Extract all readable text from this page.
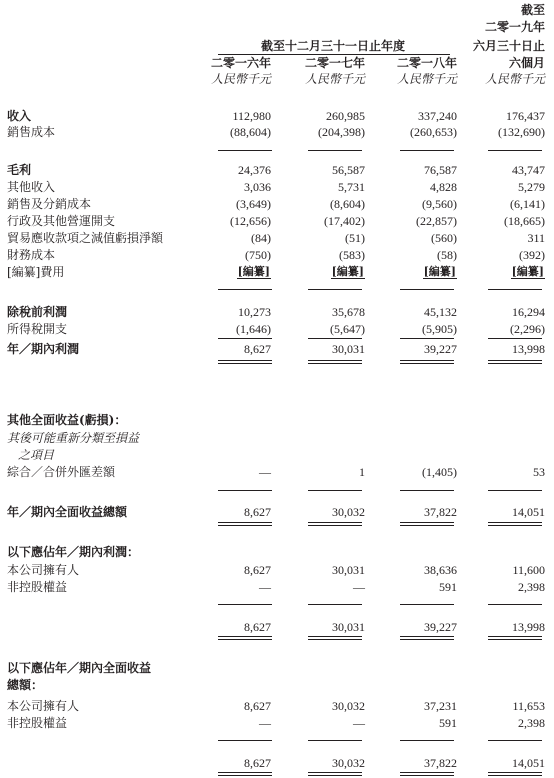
截至
二零一九年
截至十二月三十一日止年度	六月三十日止
二零一六年	二零一七年	二零一八年	六個月
人民幣千元	人民幣千元	人民幣千元 人民幣千元
收入	112,980	260,985	337,240	176,437
銷售成本	(88,604)	(204,398)	(260,653)	(132,690)
毛利	24,376	56,587	76,587	43,747
其他收入	3,036	5,731	4,828	5,279
銷售及分銷成本	(3,649)	(8,604)	(9,560)	(6,141)
行政及其他營運開支	(12,656)	(17,402)	(22,857)	(18,665)
貿易應收款項之減值虧損淨額	(84)	(51)	(560)	311
財務成本	(750)	(583)	(58)	(392)
[編纂]費用	[編纂]	[編纂]	[編纂]	[編纂]
除稅前利潤	10,273	35,678	45,132	16,294
所得稅開支	(1,646)	(5,647)	(5,905)	(2,296)
年／期內利潤	8,627	30,031	39,227	13,998
其他全面收益(虧損)：
其後可能重新分類至損益
之項目
綜合／合併外匯差額	—	1	(1,405)	53
年／期內全面收益總額	8,627	30,032	37,822	14,051
以下應佔年／期內利潤：
本公司擁有人	8,627	30,031	38,636	11,600
非控股權益	—	—	591	2,398
8,627	30,031	39,227	13,998
以下應佔年／期內全面收益
總額：
本公司擁有人	8,627	30,032	37,231	11,653
非控股權益	—	—	591	2,398
8,627	30,032	37,822	14,051
